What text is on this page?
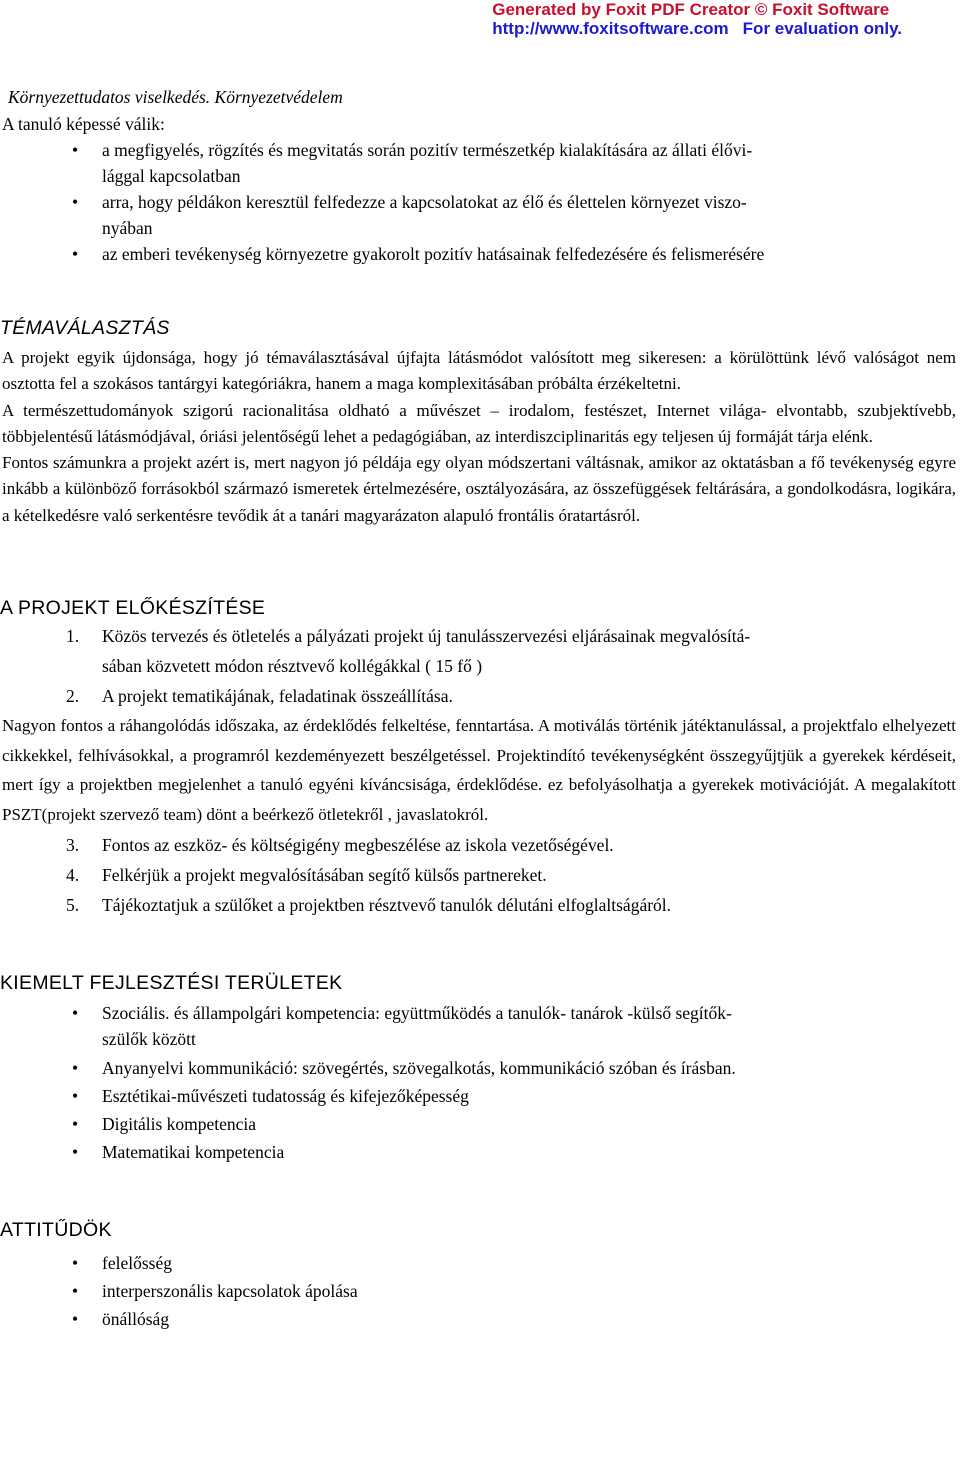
Generated by Foxit PDF Creator © Foxit Software
http://www.foxitsoftware.com For evaluation only.
Környezettudatos viselkedés. Környezetvédelem
A tanuló képessé válik:
• a megfigyelés, rögzítés és megvitatás során pozitív természetkép kialakítására az állati élővi-
lággal kapcsolatban
• arra, hogy példákon keresztül felfedezze a kapcsolatokat az élő és élettelen környezet viszo-
nyában
• az emberi tevékenység környezetre gyakorolt pozitív hatásainak felfedezésére és felismerésére
TÉMAVÁLASZTÁS
A projekt egyik újdonsága, hogy jó témaválasztásával újfajta látásmódot valósított meg sikeresen: a körülöttünk lévő valóságot nem osztotta fel a szokásos tantárgyi kategóriákra, hanem a maga komplexitásában próbálta érzékeltetni.
A természettudományok szigorú racionalitása oldható a művészet – irodalom, festészet, Internet világa- elvontabb, szubjektívebb, többjelentésű látásmódjával, óriási jelentőségű lehet a pedagógiában, az interdiszciplinaritás egy teljesen új formáját tárja elénk.
Fontos számunkra a projekt azért is, mert nagyon jó példája egy olyan módszertani váltásnak, amikor az oktatásban a fő tevékenység egyre inkább a különböző forrásokból származó ismeretek értelmezésére, osztályozására, az összefüggések feltárására, a gondolkodásra, logikára, a kételkedésre való serkentésre tevődik át a tanári magyarázaton alapuló frontális óratartásról.
A PROJEKT ELŐKÉSZÍTÉSE
1. Közös tervezés és ötletelés a pályázati projekt új tanulásszervezési eljárásainak megvalósítá-
sában közvetett módon résztvevő kollégákkal ( 15 fő )
2. A projekt tematikájának, feladatinak összeállítása.
Nagyon fontos a ráhangolódás időszaka, az érdeklődés felkeltése, fenntartása. A motiválás történik játéktanulással, a projektfalo elhelyezett cikkekkel, felhívásokkal, a programról kezdeményezett beszélgetéssel. Projektindító tevékenységként összegyűjtjük a gyerekek kérdéseit, mert így a projektben megjelenhet a tanuló egyéni kíváncsisága, érdeklődése. ez befolyásolhatja a gyerekek motivációját. A megalakított PSZT(projekt szervező team) dönt a beérkező ötletekről , javaslatokról.
3. Fontos az eszköz- és költségigény megbeszélése az iskola vezetőségével.
4. Felkérjük a projekt megvalósításában segítő külsős partnereket.
5. Tájékoztatjuk a szülőket a projektben résztvevő tanulók délutáni elfoglaltságáról.
KIEMELT FEJLESZTÉSI TERÜLETEK
• Szociális. és állampolgári kompetencia: együttműködés a tanulók- tanárok -külső segítők-
szülők között
• Anyanyelvi kommunikáció: szövegértés, szövegalkotás, kommunikáció szóban és írásban.
• Esztétikai-művészeti tudatosság és kifejezőképesség
• Digitális kompetencia
• Matematikai kompetencia
ATTITŰDÖK
• felelősség
• interperszonális kapcsolatok ápolása
• önállóság
